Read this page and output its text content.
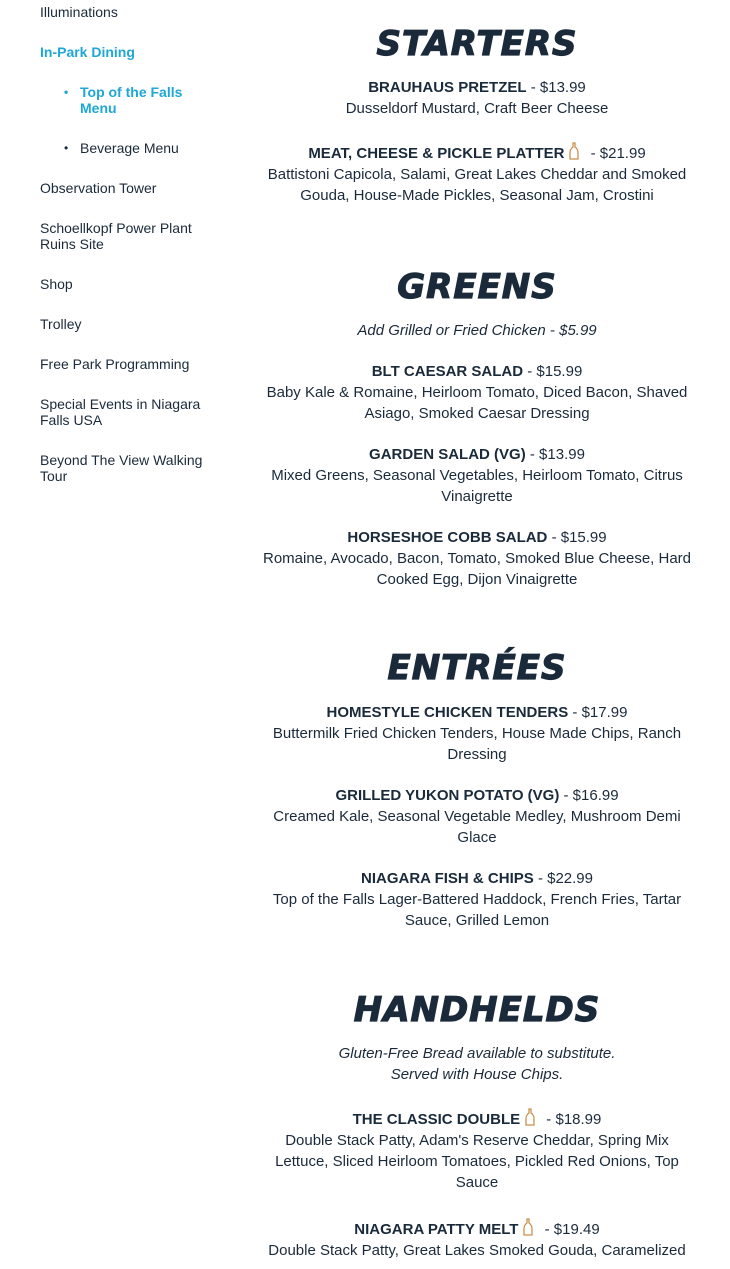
Illuminations
In-Park Dining
• Top of the Falls Menu
• Beverage Menu
Observation Tower
Schoellkopf Power Plant Ruins Site
Shop
Trolley
Free Park Programming
Special Events in Niagara Falls USA
Beyond The View Walking Tour
STARTERS
BRAUHAUS PRETZEL - $13.99
Dusseldorf Mustard, Craft Beer Cheese
MEAT, CHEESE & PICKLE PLATTER - $21.99
Battistoni Capicola, Salami, Great Lakes Cheddar and Smoked Gouda, House-Made Pickles, Seasonal Jam, Crostini
GREENS
Add Grilled or Fried Chicken - $5.99
BLT CAESAR SALAD - $15.99
Baby Kale & Romaine, Heirloom Tomato, Diced Bacon, Shaved Asiago, Smoked Caesar Dressing
GARDEN SALAD (VG) - $13.99
Mixed Greens, Seasonal Vegetables, Heirloom Tomato, Citrus Vinaigrette
HORSESHOE COBB SALAD - $15.99
Romaine, Avocado, Bacon, Tomato, Smoked Blue Cheese, Hard Cooked Egg, Dijon Vinaigrette
ENTRÉES
HOMESTYLE CHICKEN TENDERS - $17.99
Buttermilk Fried Chicken Tenders, House Made Chips, Ranch Dressing
GRILLED YUKON POTATO (VG) - $16.99
Creamed Kale, Seasonal Vegetable Medley, Mushroom Demi Glace
NIAGARA FISH & CHIPS - $22.99
Top of the Falls Lager-Battered Haddock, French Fries, Tartar Sauce, Grilled Lemon
HANDHELDS
Gluten-Free Bread available to substitute.
Served with House Chips.
THE CLASSIC DOUBLE - $18.99
Double Stack Patty, Adam's Reserve Cheddar, Spring Mix Lettuce, Sliced Heirloom Tomatoes, Pickled Red Onions, Top Sauce
NIAGARA PATTY MELT - $19.49
Double Stack Patty, Great Lakes Smoked Gouda, Caramelized
